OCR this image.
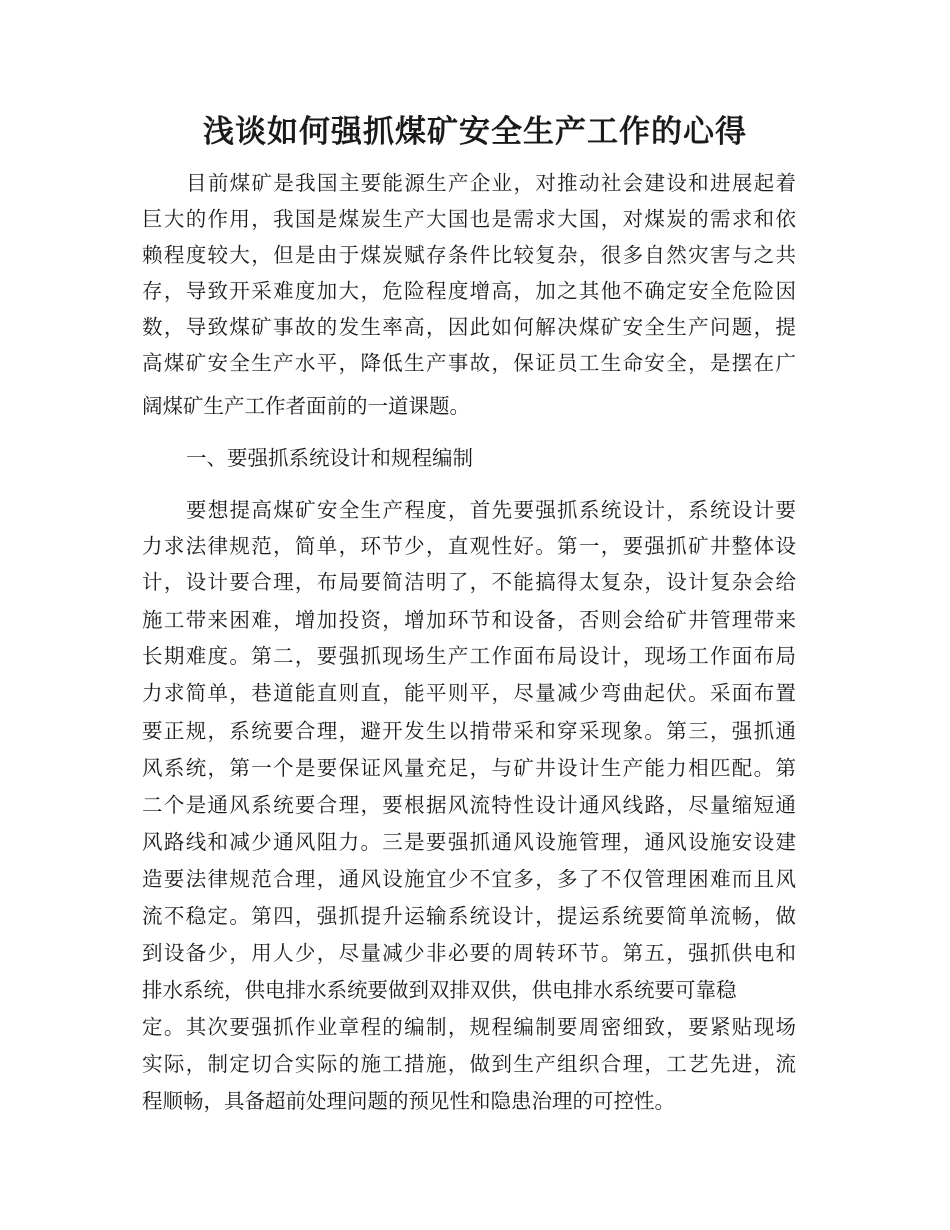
浅谈如何强抓煤矿安全生产工作的心得
目前煤矿是我国主要能源生产企业，对推动社会建设和进展起着
巨大的作用，我国是煤炭生产大国也是需求大国，对煤炭的需求和依
赖程度较大，但是由于煤炭赋存条件比较复杂，很多自然灾害与之共
存，导致开采难度加大，危险程度增高，加之其他不确定安全危险因
数，导致煤矿事故的发生率高，因此如何解决煤矿安全生产问题，提
高煤矿安全生产水平，降低生产事故，保证员工生命安全，是摆在广
阔煤矿生产工作者面前的一道课题。
一、要强抓系统设计和规程编制
要想提高煤矿安全生产程度，首先要强抓系统设计，系统设计要
力求法律规范，简单，环节少，直观性好。第一，要强抓矿井整体设
计，设计要合理，布局要简洁明了，不能搞得太复杂，设计复杂会给
施工带来困难，增加投资，增加环节和设备，否则会给矿井管理带来
长期难度。第二，要强抓现场生产工作面布局设计，现场工作面布局
力求简单，巷道能直则直，能平则平，尽量减少弯曲起伏。采面布置
要正规，系统要合理，避开发生以掯带采和穿采现象。第三，强抓通
风系统，第一个是要保证风量充足，与矿井设计生产能力相匹配。第
二个是通风系统要合理，要根据风流特性设计通风线路，尽量缩短通
风路线和减少通风阻力。三是要强抓通风设施管理，通风设施安设建
造要法律规范合理，通风设施宜少不宜多，多了不仅管理困难而且风
流不稳定。第四，强抓提升运输系统设计，提运系统要简单流畅，做
到设备少，用人少，尽量减少非必要的周转环节。第五，强抓供电和
排水系统，供电排水系统要做到双排双供，供电排水系统要可靠稳
定。其次要强抓作业章程的编制，规程编制要周密细致，要紧贴现场
实际，制定切合实际的施工措施，做到生产组织合理，工艺先进，流
程顺畅，具备超前处理问题的预见性和隐患治理的可控性。
